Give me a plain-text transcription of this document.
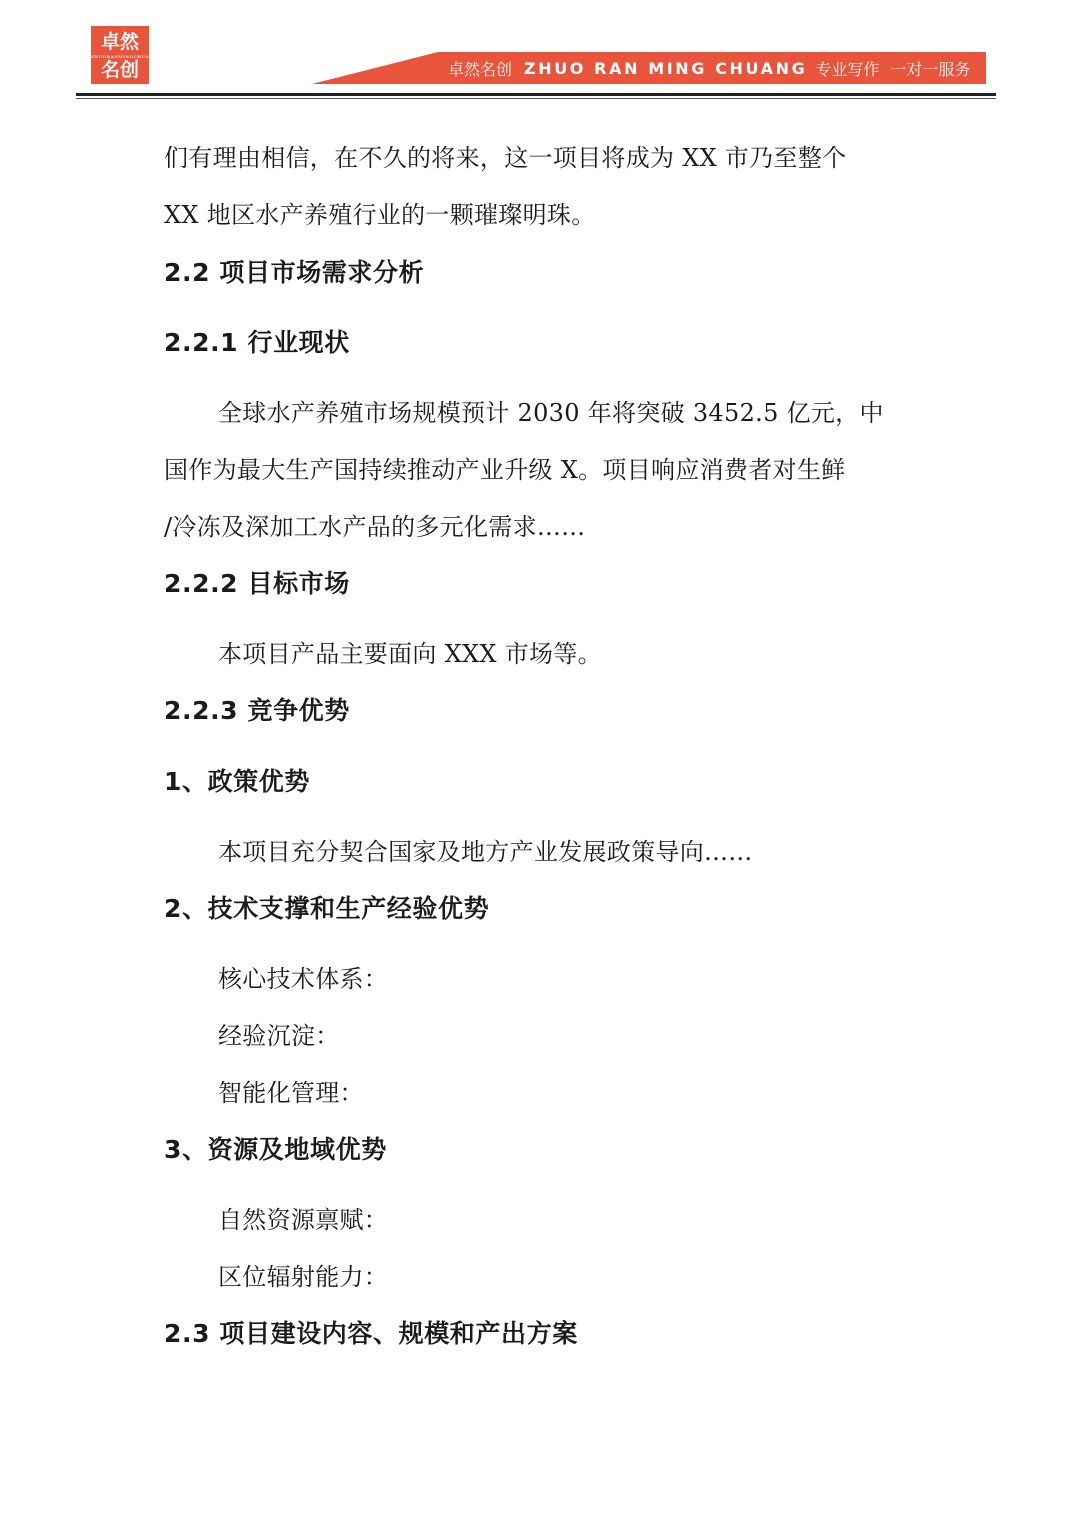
卓然

ZHUORANMINGCHUANG
名创	卓然名创 ZHUO RAN MING CHUANG 专业写作 一对一服务

们有理由相信，在不久的将来，这一项目将成为 XX 市乃至整个

XX 地区水产养殖行业的一颗璀璨明珠。

2.2 项目市场需求分析

2.2.1 行业现状

全球水产养殖市场规模预计 2030 年将突破 3452.5 亿元，中

国作为最大生产国持续推动产业升级 X。项目响应消费者对生鲜

/冷冻及深加工水产品的多元化需求……

2.2.2 目标市场

本项目产品主要面向 XXX 市场等。

2.2.3 竞争优势

1、政策优势

本项目充分契合国家及地方产业发展政策导向……

2、技术支撑和生产经验优势

核心技术体系：

经验沉淀：

智能化管理：

3、资源及地域优势

自然资源禀赋：

区位辐射能力：

2.3 项目建设内容、规模和产出方案
